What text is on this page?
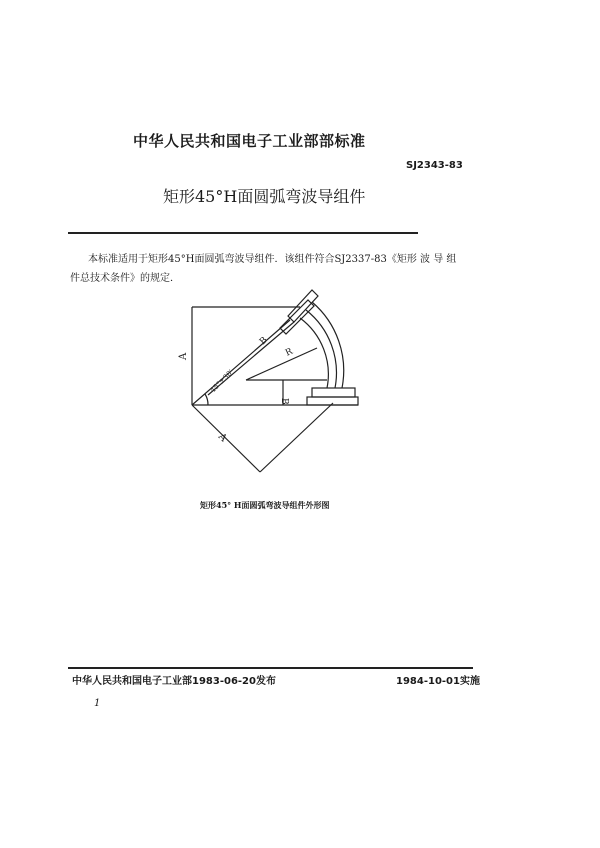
中华人民共和国电子工业部部标准
SJ2343-83
矩形45°H面圆弧弯波导组件
本标准适用于矩形45°H面圆弧弯波导组件．该组件符合SJ2337-83《矩形 波 导 组
件总技术条件》的规定．
A
A
B
B
R
45°±30′
矩形45° H面圆弧弯波导组件外形图
中华人民共和国电子工业部1983-06-20发布	1984-10-01实施
1
